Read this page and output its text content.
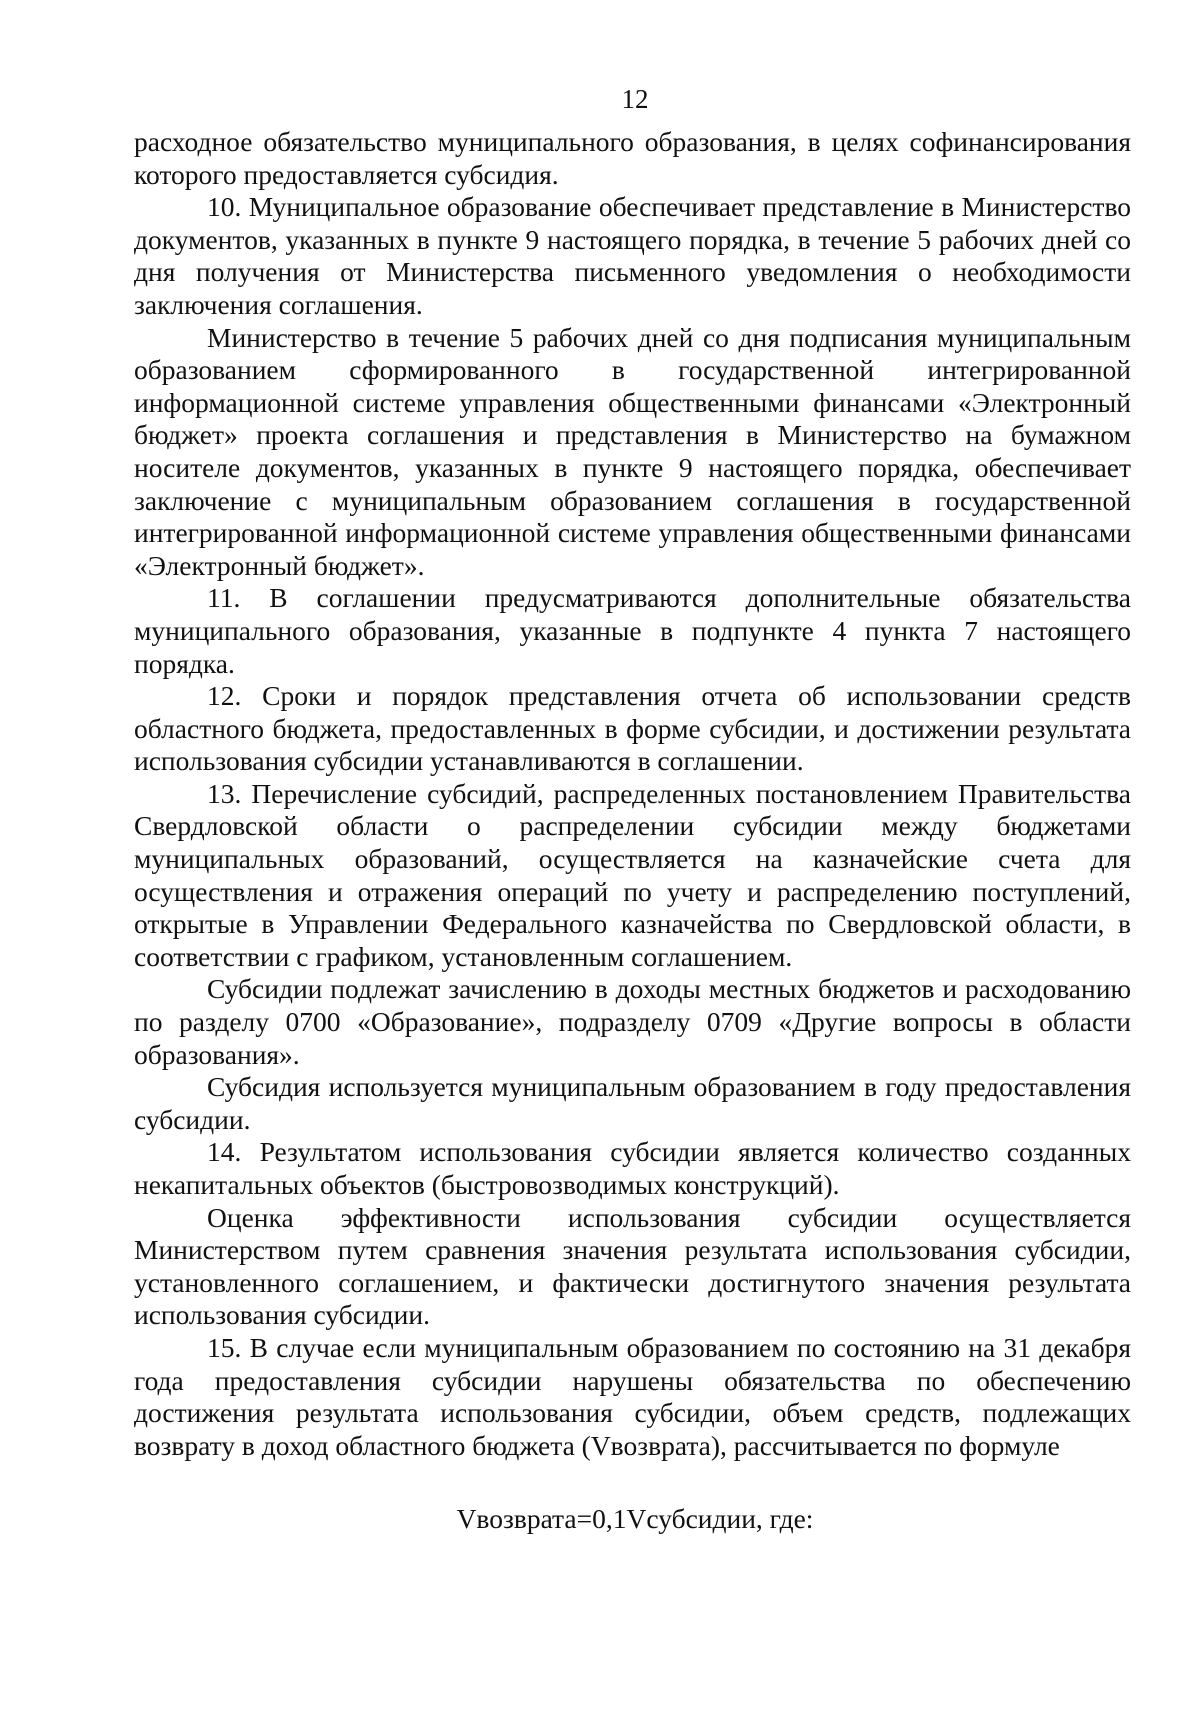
12

расходное обязательство муниципального образования, в целях софинансирования которого предоставляется субсидия.

10. Муниципальное образование обеспечивает представление в Министерство документов, указанных в пункте 9 настоящего порядка, в течение 5 рабочих дней со дня получения от Министерства письменного уведомления о необходимости заключения соглашения.

Министерство в течение 5 рабочих дней со дня подписания муниципальным образованием сформированного в государственной интегрированной информационной системе управления общественными финансами «Электронный бюджет» проекта соглашения и представления в Министерство на бумажном носителе документов, указанных в пункте 9 настоящего порядка, обеспечивает заключение с муниципальным образованием соглашения в государственной интегрированной информационной системе управления общественными финансами «Электронный бюджет».

11. В соглашении предусматриваются дополнительные обязательства муниципального образования, указанные в подпункте 4 пункта 7 настоящего порядка.

12. Сроки и порядок представления отчета об использовании средств областного бюджета, предоставленных в форме субсидии, и достижении результата использования субсидии устанавливаются в соглашении.

13. Перечисление субсидий, распределенных постановлением Правительства Свердловской области о распределении субсидии между бюджетами муниципальных образований, осуществляется на казначейские счета для осуществления и отражения операций по учету и распределению поступлений, открытые в Управлении Федерального казначейства по Свердловской области, в соответствии с графиком, установленным соглашением.

Субсидии подлежат зачислению в доходы местных бюджетов и расходованию по разделу 0700 «Образование», подразделу 0709 «Другие вопросы в области образования».

Субсидия используется муниципальным образованием в году предоставления субсидии.

14. Результатом использования субсидии является количество созданных некапитальных объектов (быстровозводимых конструкций).

Оценка эффективности использования субсидии осуществляется Министерством путем сравнения значения результата использования субсидии, установленного соглашением, и фактически достигнутого значения результата использования субсидии.

15. В случае если муниципальным образованием по состоянию на 31 декабря года предоставления субсидии нарушены обязательства по обеспечению достижения результата использования субсидии, объем средств, подлежащих возврату в доход областного бюджета (Vвозврата), рассчитывается по формуле

Vвозврата=0,1Vсубсидии, где:
